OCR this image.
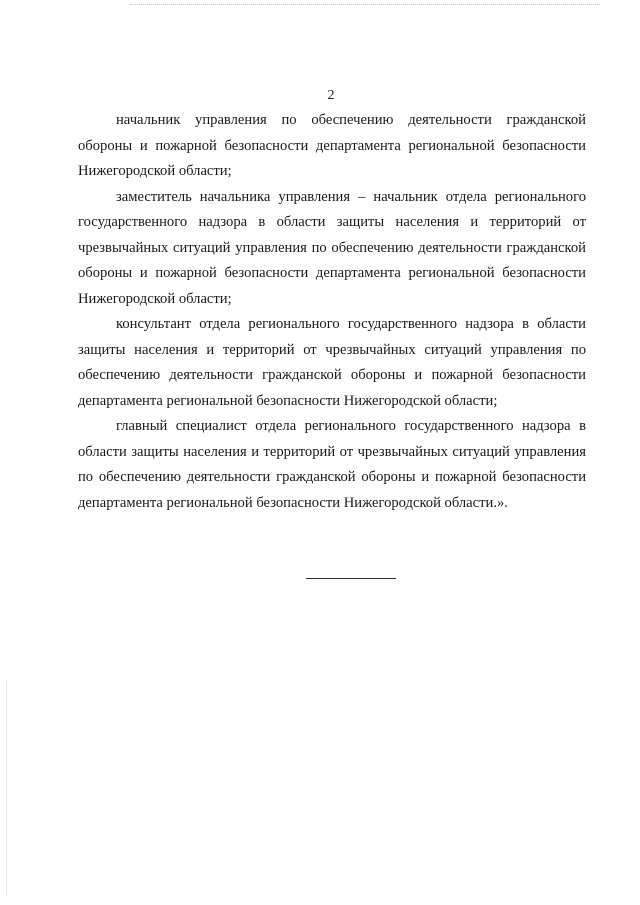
2

начальник управления по обеспечению деятельности гражданской обороны и пожарной безопасности департамента региональной безопасности Нижегородской области;

заместитель начальника управления – начальник отдела регионального государственного надзора в области защиты населения и территорий от чрезвычайных ситуаций управления по обеспечению деятельности гражданской обороны и пожарной безопасности департамента региональной безопасности Нижегородской области;

консультант отдела регионального государственного надзора в области защиты населения и территорий от чрезвычайных ситуаций управления по обеспечению деятельности гражданской обороны и пожарной безопасности департамента региональной безопасности Нижегородской области;

главный специалист отдела регионального государственного надзора в области защиты населения и территорий от чрезвычайных ситуаций управления по обеспечению деятельности гражданской обороны и пожарной безопасности департамента региональной безопасности Нижегородской области.».
